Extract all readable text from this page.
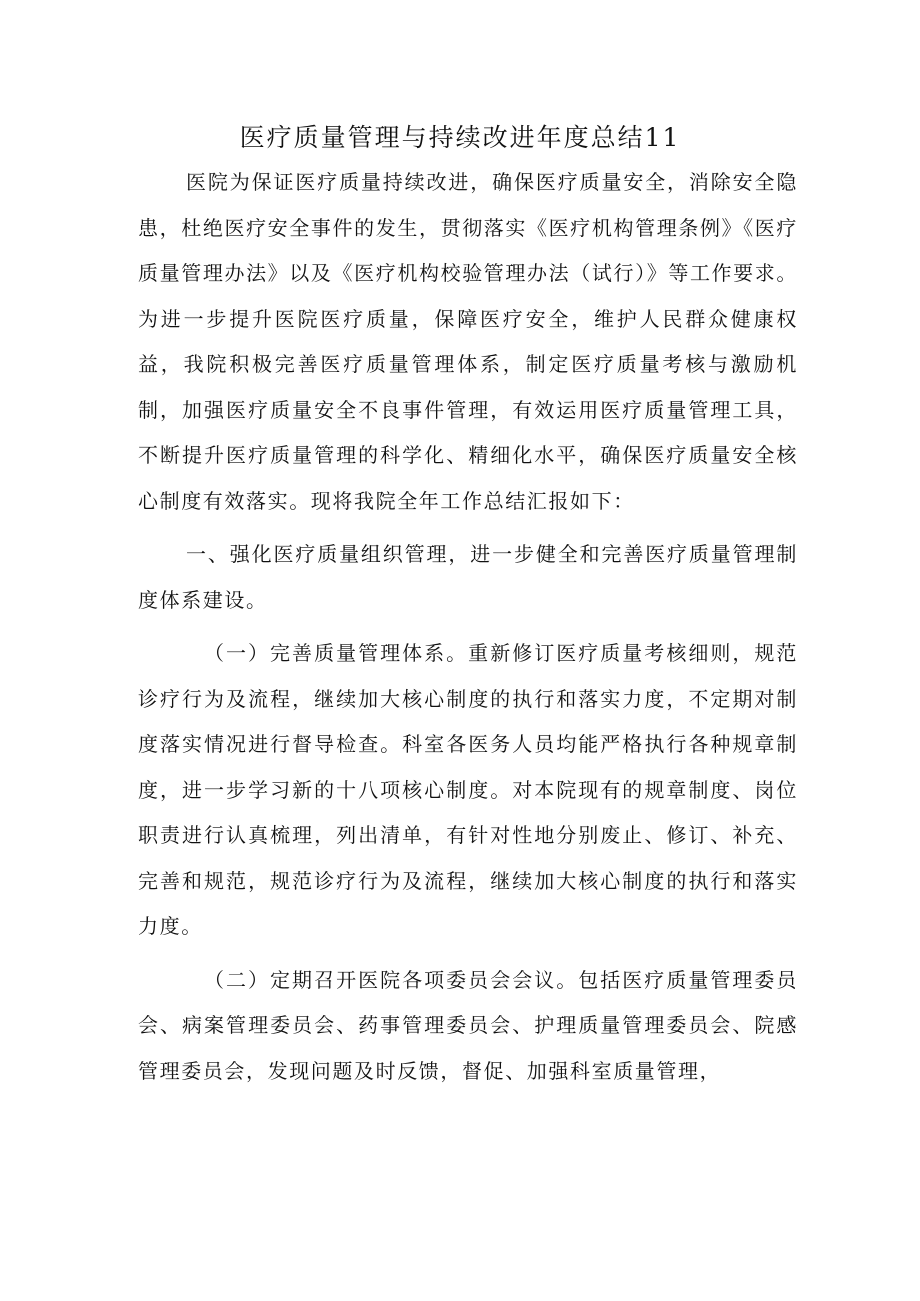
医疗质量管理与持续改进年度总结11

医院为保证医疗质量持续改进，确保医疗质量安全，消除安全隐患，杜绝医疗安全事件的发生，贯彻落实《医疗机构管理条例》《医疗质量管理办法》以及《医疗机构校验管理办法（试行）》等工作要求。为进一步提升医院医疗质量，保障医疗安全，维护人民群众健康权益，我院积极完善医疗质量管理体系，制定医疗质量考核与激励机制，加强医疗质量安全不良事件管理，有效运用医疗质量管理工具，不断提升医疗质量管理的科学化、精细化水平，确保医疗质量安全核心制度有效落实。现将我院全年工作总结汇报如下：

一、强化医疗质量组织管理，进一步健全和完善医疗质量管理制度体系建设。

（一）完善质量管理体系。重新修订医疗质量考核细则，规范诊疗行为及流程，继续加大核心制度的执行和落实力度，不定期对制度落实情况进行督导检查。科室各医务人员均能严格执行各种规章制度，进一步学习新的十八项核心制度。对本院现有的规章制度、岗位职责进行认真梳理，列出清单，有针对性地分别废止、修订、补充、完善和规范，规范诊疗行为及流程，继续加大核心制度的执行和落实力度。

（二）定期召开医院各项委员会会议。包括医疗质量管理委员会、病案管理委员会、药事管理委员会、护理质量管理委员会、院感管理委员会，发现问题及时反馈，督促、加强科室质量管理，
